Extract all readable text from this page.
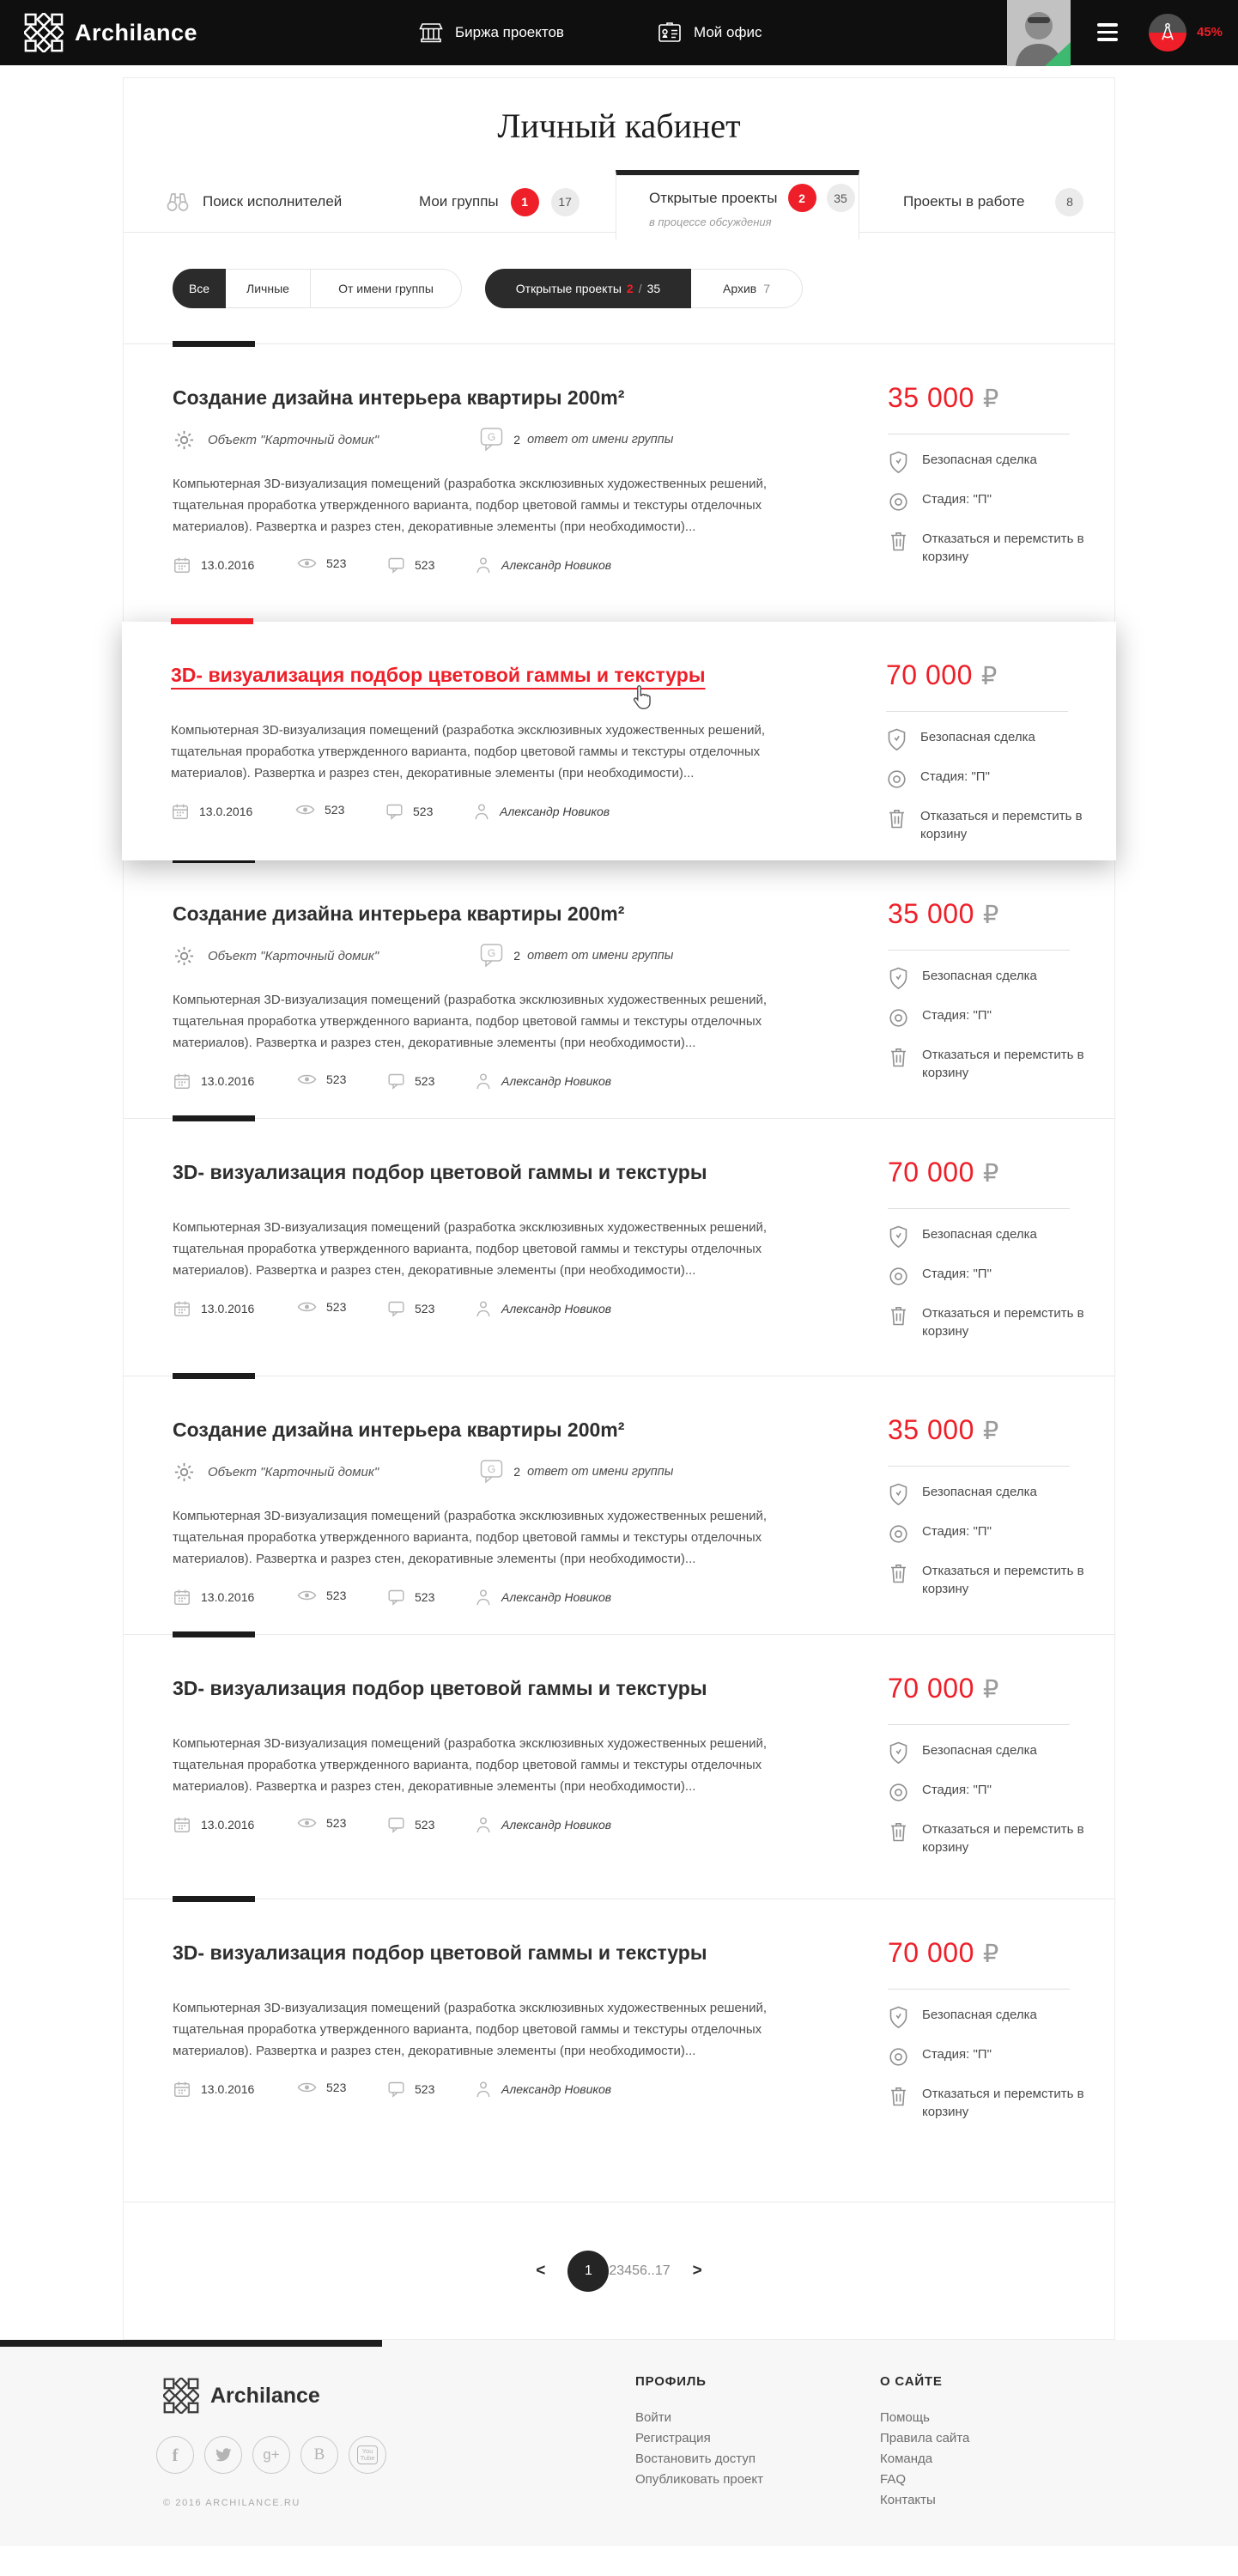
Archilance	Биржа проектов	Мой офис	45%
Личный кабинет
Поиск исполнителей	Мои группы	1	17	Открытые проекты	2	35
в процессе обсуждения
Проекты в работе	8
Все	Личные	От имени группы	Открытые проекты 2 / 35	Архив 7
Создание дизайна интерьера квартиры 200m²
Объект "Карточный домик"	G 2 ответ от имени группы

Компьютерная 3D-визуализация помещений (разработка эксклюзивных художественных решений, тщательная проработка утвержденного варианта, подбор цветовой гаммы и текстуры отделочных материалов). Развертка и разрез стен, декоративные элементы (при необходимости)...

13.0.2016	523	523	Александр Новиков
35 000 ₽
Безопасная сделка
Стадия: "П"
Отказаться и перемстить в корзину
3D- визуализация подбор цветовой гаммы и текстуры

Компьютерная 3D-визуализация помещений (разработка эксклюзивных художественных решений, тщательная проработка утвержденного варианта, подбор цветовой гаммы и текстуры отделочных материалов). Развертка и разрез стен, декоративные элементы (при необходимости)...

13.0.2016	523	523	Александр Новиков
70 000 ₽
Безопасная сделка
Стадия: "П"
Отказаться и перемстить в корзину
Создание дизайна интерьера квартиры 200m²
Объект "Карточный домик"	G 2 ответ от имени группы

Компьютерная 3D-визуализация помещений (разработка эксклюзивных художественных решений, тщательная проработка утвержденного варианта, подбор цветовой гаммы и текстуры отделочных материалов). Развертка и разрез стен, декоративные элементы (при необходимости)...

13.0.2016	523	523	Александр Новиков
35 000 ₽
Безопасная сделка
Стадия: "П"
Отказаться и перемстить в корзину
3D- визуализация подбор цветовой гаммы и текстуры

Компьютерная 3D-визуализация помещений (разработка эксклюзивных художественных решений, тщательная проработка утвержденного варианта, подбор цветовой гаммы и текстуры отделочных материалов). Развертка и разрез стен, декоративные элементы (при необходимости)...

13.0.2016	523	523	Александр Новиков
70 000 ₽
Безопасная сделка
Стадия: "П"
Отказаться и перемстить в корзину
Создание дизайна интерьера квартиры 200m²
Объект "Карточный домик"	G 2 ответ от имени группы

Компьютерная 3D-визуализация помещений (разработка эксклюзивных художественных решений, тщательная проработка утвержденного варианта, подбор цветовой гаммы и текстуры отделочных материалов). Развертка и разрез стен, декоративные элементы (при необходимости)...

13.0.2016	523	523	Александр Новиков
35 000 ₽
Безопасная сделка
Стадия: "П"
Отказаться и перемстить в корзину
3D- визуализация подбор цветовой гаммы и текстуры

Компьютерная 3D-визуализация помещений (разработка эксклюзивных художественных решений, тщательная проработка утвержденного варианта, подбор цветовой гаммы и текстуры отделочных материалов). Развертка и разрез стен, декоративные элементы (при необходимости)...

13.0.2016	523	523	Александр Новиков
70 000 ₽
Безопасная сделка
Стадия: "П"
Отказаться и перемстить в корзину
3D- визуализация подбор цветовой гаммы и текстуры

Компьютерная 3D-визуализация помещений (разработка эксклюзивных художественных решений, тщательная проработка утвержденного варианта, подбор цветовой гаммы и текстуры отделочных материалов). Развертка и разрез стен, декоративные элементы (при необходимости)...

13.0.2016	523	523	Александр Новиков
70 000 ₽
Безопасная сделка
Стадия: "П"
Отказаться и перемстить в корзину
<	1 23456..17	>
Archilance
f	g+ B	You
Tube
© 2016 ARCHILANCE.RU
ПРОФИЛЬ
Войти
Регистрация
Востановить доступ
Опубликовать проект
О САЙТЕ
Помощь
Правила сайта
Команда
FAQ
Контакты
